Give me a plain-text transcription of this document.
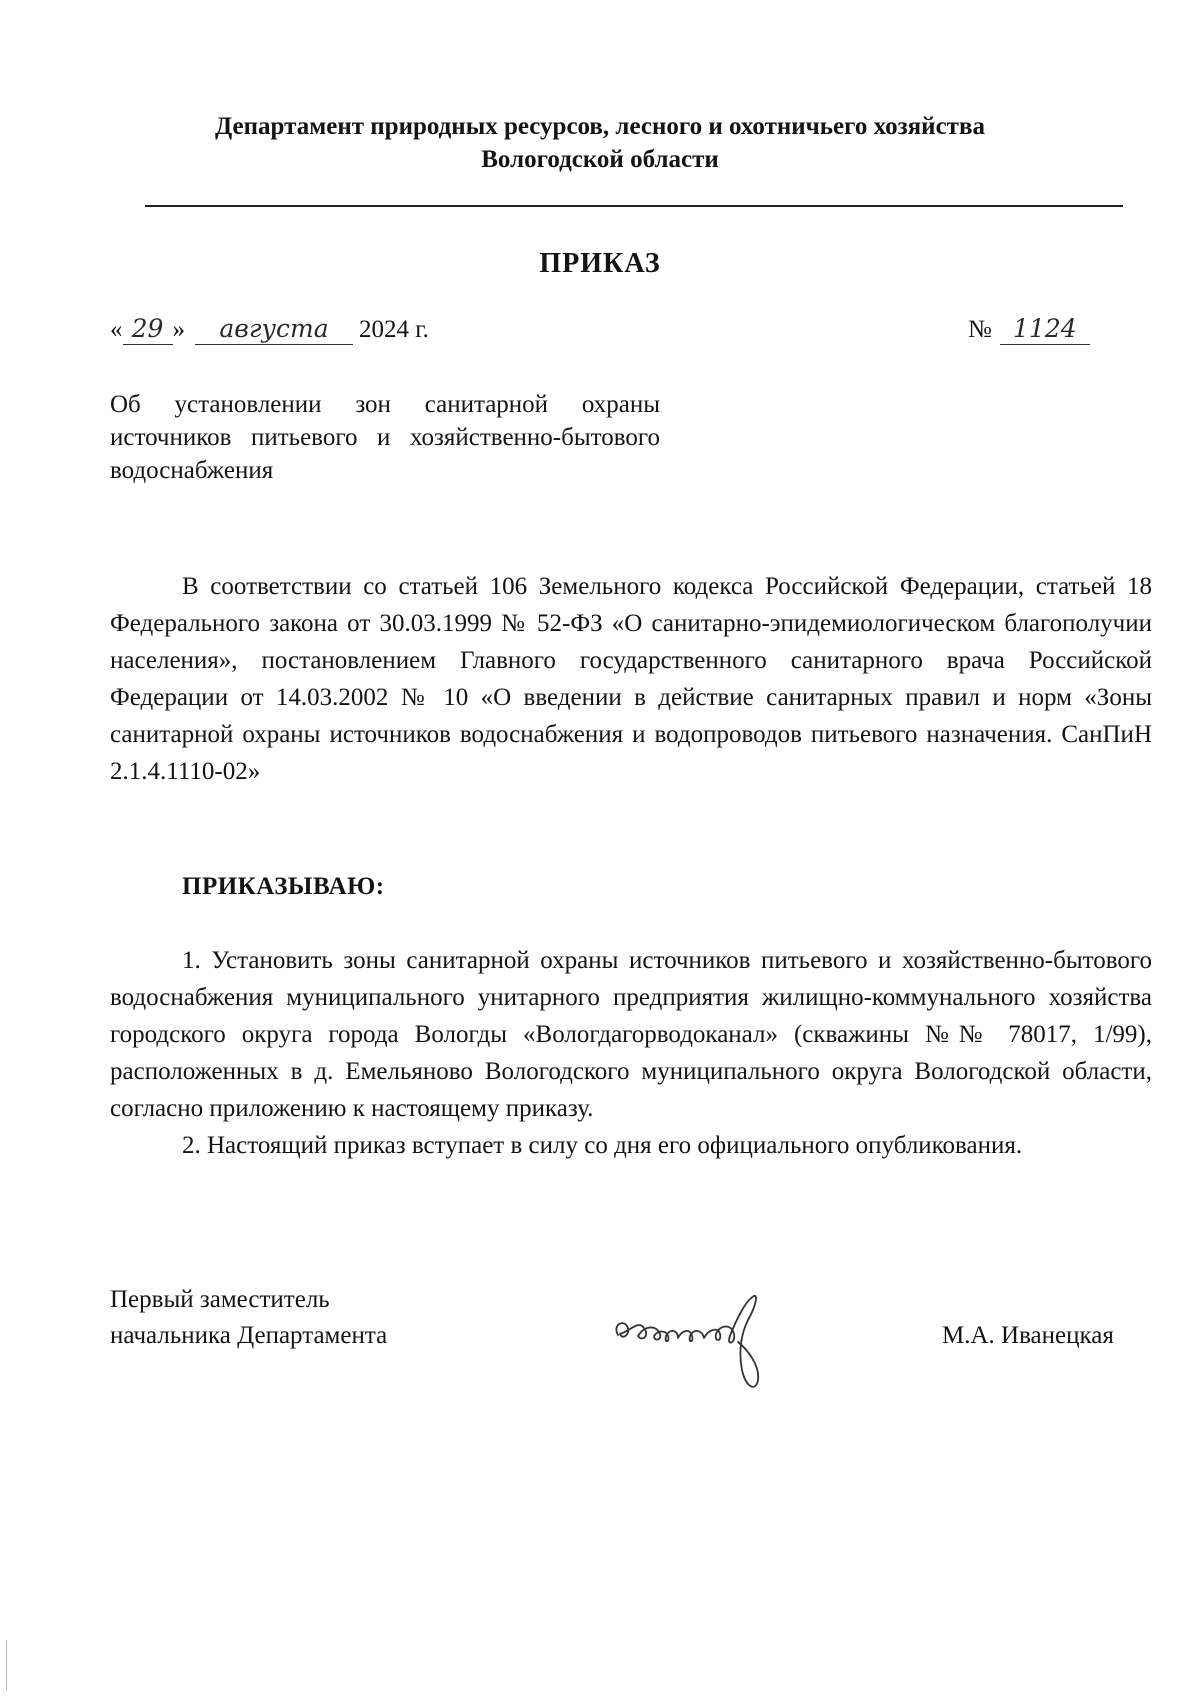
Департамент природных ресурсов, лесного и охотничьего хозяйства
Вологодской области
ПРИКАЗ
« 29 » августа 2024 г.	№ 1124
Об установлении зон санитарной охраны источников питьевого и хозяйственно-бытового водоснабжения

В соответствии со статьей 106 Земельного кодекса Российской Федерации, статьей 18 Федерального закона от 30.03.1999 № 52-ФЗ «О санитарно-эпидемиологическом благополучии населения», постановлением Главного государственного санитарного врача Российской Федерации от 14.03.2002 № 10 «О введении в действие санитарных правил и норм «Зоны санитарной охраны источников водоснабжения и водопроводов питьевого назначения. СанПиН 2.1.4.1110-02»

ПРИКАЗЫВАЮ:

1. Установить зоны санитарной охраны источников питьевого и хозяйственно-бытового водоснабжения муниципального унитарного предприятия жилищно-коммунального хозяйства городского округа города Вологды «Вологдагорводоканал» (скважины №№ 78017, 1/99), расположенных в д. Емельяново Вологодского муниципального округа Вологодской области, согласно приложению к настоящему приказу.

2. Настоящий приказ вступает в силу со дня его официального опубликования.

Первый заместитель
начальника Департамента	М.А. Иванецкая
